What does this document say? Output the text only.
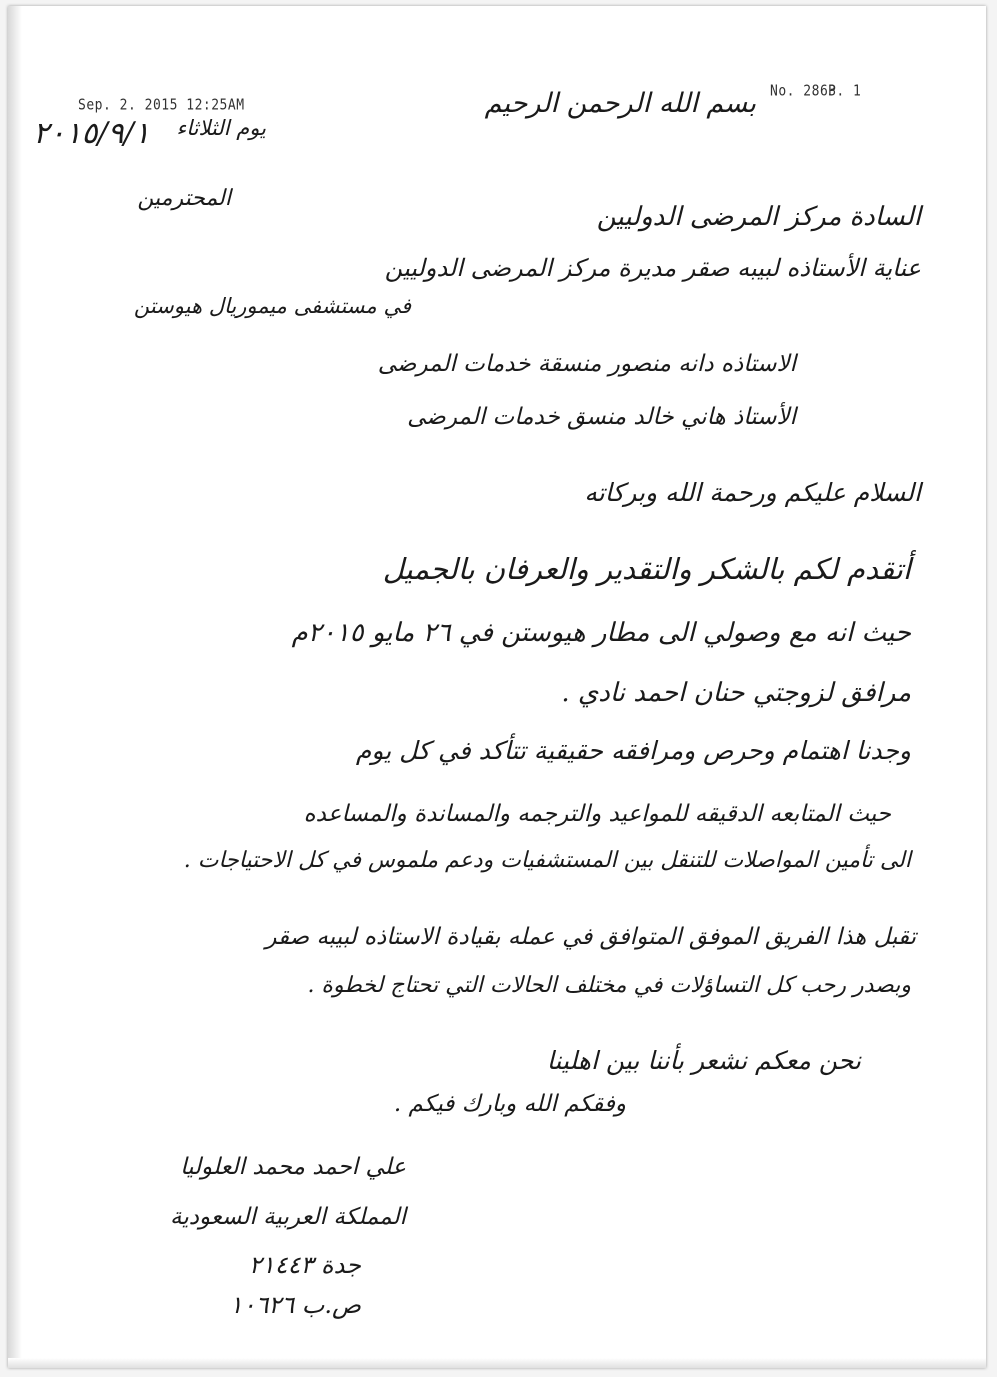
Sep. 2. 2015 12:25AM
No. 2863
P. 1
بسم الله الرحمن الرحيم
يوم الثلاثاء
٢٠١٥/٩/١
المحترمين
السادة مركز المرضى الدوليين
عناية الأستاذه لبيبه صقر مديرة مركز المرضى الدوليين
في مستشفى ميموريال هيوستن
الاستاذه دانه منصور منسقة خدمات المرضى
الأستاذ هاني خالد منسق خدمات المرضى
السلام عليكم ورحمة الله وبركاته
أتقدم لكم بالشكر والتقدير والعرفان بالجميل
حيث انه مع وصولي الى مطار هيوستن في ٢٦ مايو ٢٠١٥م
مرافق لزوجتي حنان احمد نادي .
وجدنا اهتمام وحرص ومرافقه حقيقية تتأكد في كل يوم
حيث المتابعه الدقيقه للمواعيد والترجمه والمساندة والمساعده
الى تأمين المواصلات للتنقل بين المستشفيات ودعم ملموس في كل الاحتياجات .
تقبل هذا الفريق الموفق المتوافق في عمله بقيادة الاستاذه لبيبه صقر
وبصدر رحب كل التساؤلات في مختلف الحالات التي تحتاج لخطوة .
نحن معكم نشعر بأننا بين اهلينا
وفقكم الله وبارك فيكم .
علي احمد محمد العلوليا
المملكة العربية السعودية
جدة ٢١٤٤٣
ص.ب ١٠٦٢٦
